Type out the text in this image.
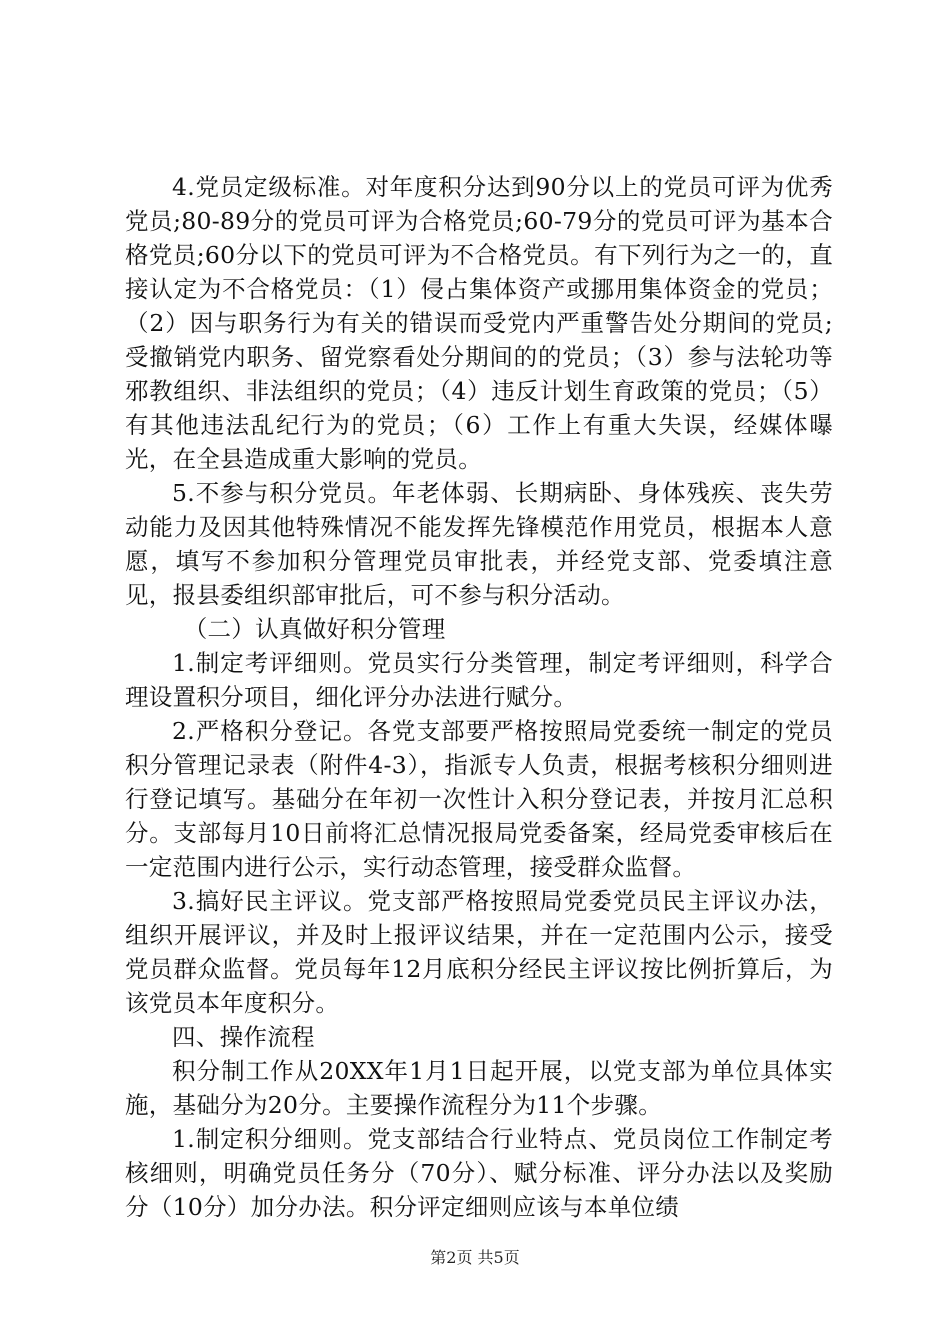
4.党员定级标准。对年度积分达到90分以上的党员可评为优秀党员;80-89分的党员可评为合格党员;60-79分的党员可评为基本合格党员;60分以下的党员可评为不合格党员。有下列行为之一的，直接认定为不合格党员：（1）侵占集体资产或挪用集体资金的党员；（2）因与职务行为有关的错误而受党内严重警告处分期间的党员;受撤销党内职务、留党察看处分期间的的党员；（3）参与法轮功等邪教组织、非法组织的党员；（4）违反计划生育政策的党员；（5）有其他违法乱纪行为的党员；（6）工作上有重大失误，经媒体曝光，在全县造成重大影响的党员。

5.不参与积分党员。年老体弱、长期病卧、身体残疾、丧失劳动能力及因其他特殊情况不能发挥先锋模范作用党员，根据本人意愿，填写不参加积分管理党员审批表，并经党支部、党委填注意见，报县委组织部审批后，可不参与积分活动。

（二）认真做好积分管理

1.制定考评细则。党员实行分类管理，制定考评细则，科学合理设置积分项目，细化评分办法进行赋分。

2.严格积分登记。各党支部要严格按照局党委统一制定的党员积分管理记录表（附件4-3），指派专人负责，根据考核积分细则进行登记填写。基础分在年初一次性计入积分登记表，并按月汇总积分。支部每月10日前将汇总情况报局党委备案，经局党委审核后在一定范围内进行公示，实行动态管理，接受群众监督。

3.搞好民主评议。党支部严格按照局党委党员民主评议办法，组织开展评议，并及时上报评议结果，并在一定范围内公示，接受党员群众监督。党员每年12月底积分经民主评议按比例折算后，为该党员本年度积分。

四、操作流程

积分制工作从20XX年1月1日起开展，以党支部为单位具体实施，基础分为20分。主要操作流程分为11个步骤。

1.制定积分细则。党支部结合行业特点、党员岗位工作制定考核细则，明确党员任务分（70分）、赋分标准、评分办法以及奖励分（10分）加分办法。积分评定细则应该与本单位绩

第2页 共5页
